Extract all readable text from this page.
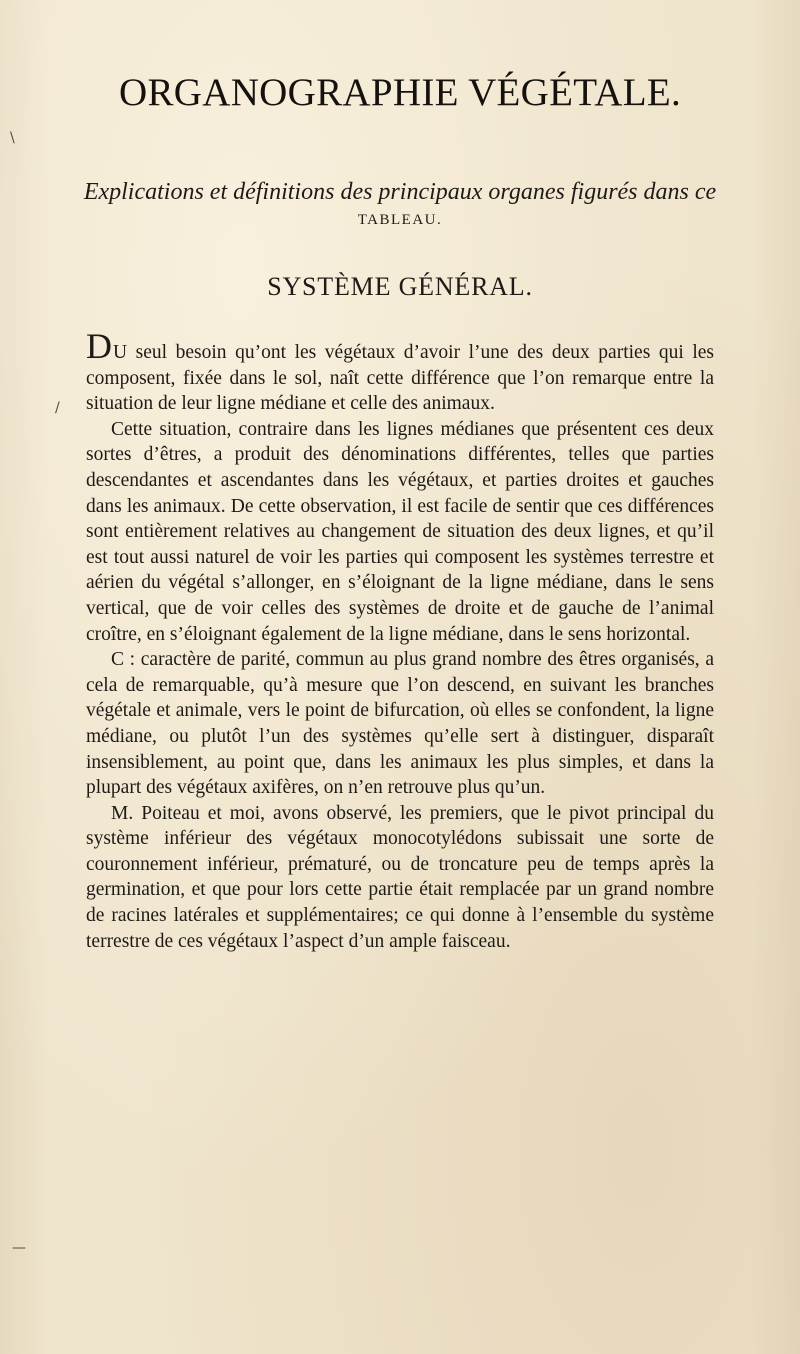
ORGANOGRAPHIE VÉGÉTALE.

Explications et définitions des principaux organes figurés dans ce TABLEAU.

SYSTÈME GÉNÉRAL.

DU seul besoin qu’ont les végétaux d’avoir l’une des deux parties qui les composent, fixée dans le sol, naît cette différence que l’on remarque entre la situation de leur ligne médiane et celle des animaux.

Cette situation, contraire dans les lignes médianes que présentent ces deux sortes d’êtres, a produit des dénominations différentes, telles que parties descendantes et ascendantes dans les végétaux, et parties droites et gauches dans les animaux. De cette observation, il est facile de sentir que ces différences sont entièrement relatives au changement de situation des deux lignes, et qu’il est tout aussi naturel de voir les parties qui composent les systèmes terrestre et aérien du végétal s’allonger, en s’éloignant de la ligne médiane, dans le sens vertical, que de voir celles des systèmes de droite et de gauche de l’animal croître, en s’éloignant également de la ligne médiane, dans le sens horizontal.

C : caractère de parité, commun au plus grand nombre des êtres organisés, a cela de remarquable, qu’à mesure que l’on descend, en suivant les branches végétale et animale, vers le point de bifurcation, où elles se confondent, la ligne médiane, ou plutôt l’un des systèmes qu’elle sert à distinguer, disparaît insensiblement, au point que, dans les animaux les plus simples, et dans la plupart des végétaux axifères, on n’en retrouve plus qu’un.

M. Poiteau et moi, avons observé, les premiers, que le pivot principal du système inférieur des végétaux monocotylédons subissait une sorte de couronnement inférieur, prématuré, ou de troncature peu de temps après la germination, et que pour lors cette partie était remplacée par un grand nombre de racines latérales et supplémentaires; ce qui donne à l’ensemble du système terrestre de ces végétaux l’aspect d’un ample faisceau.

\
/
—
